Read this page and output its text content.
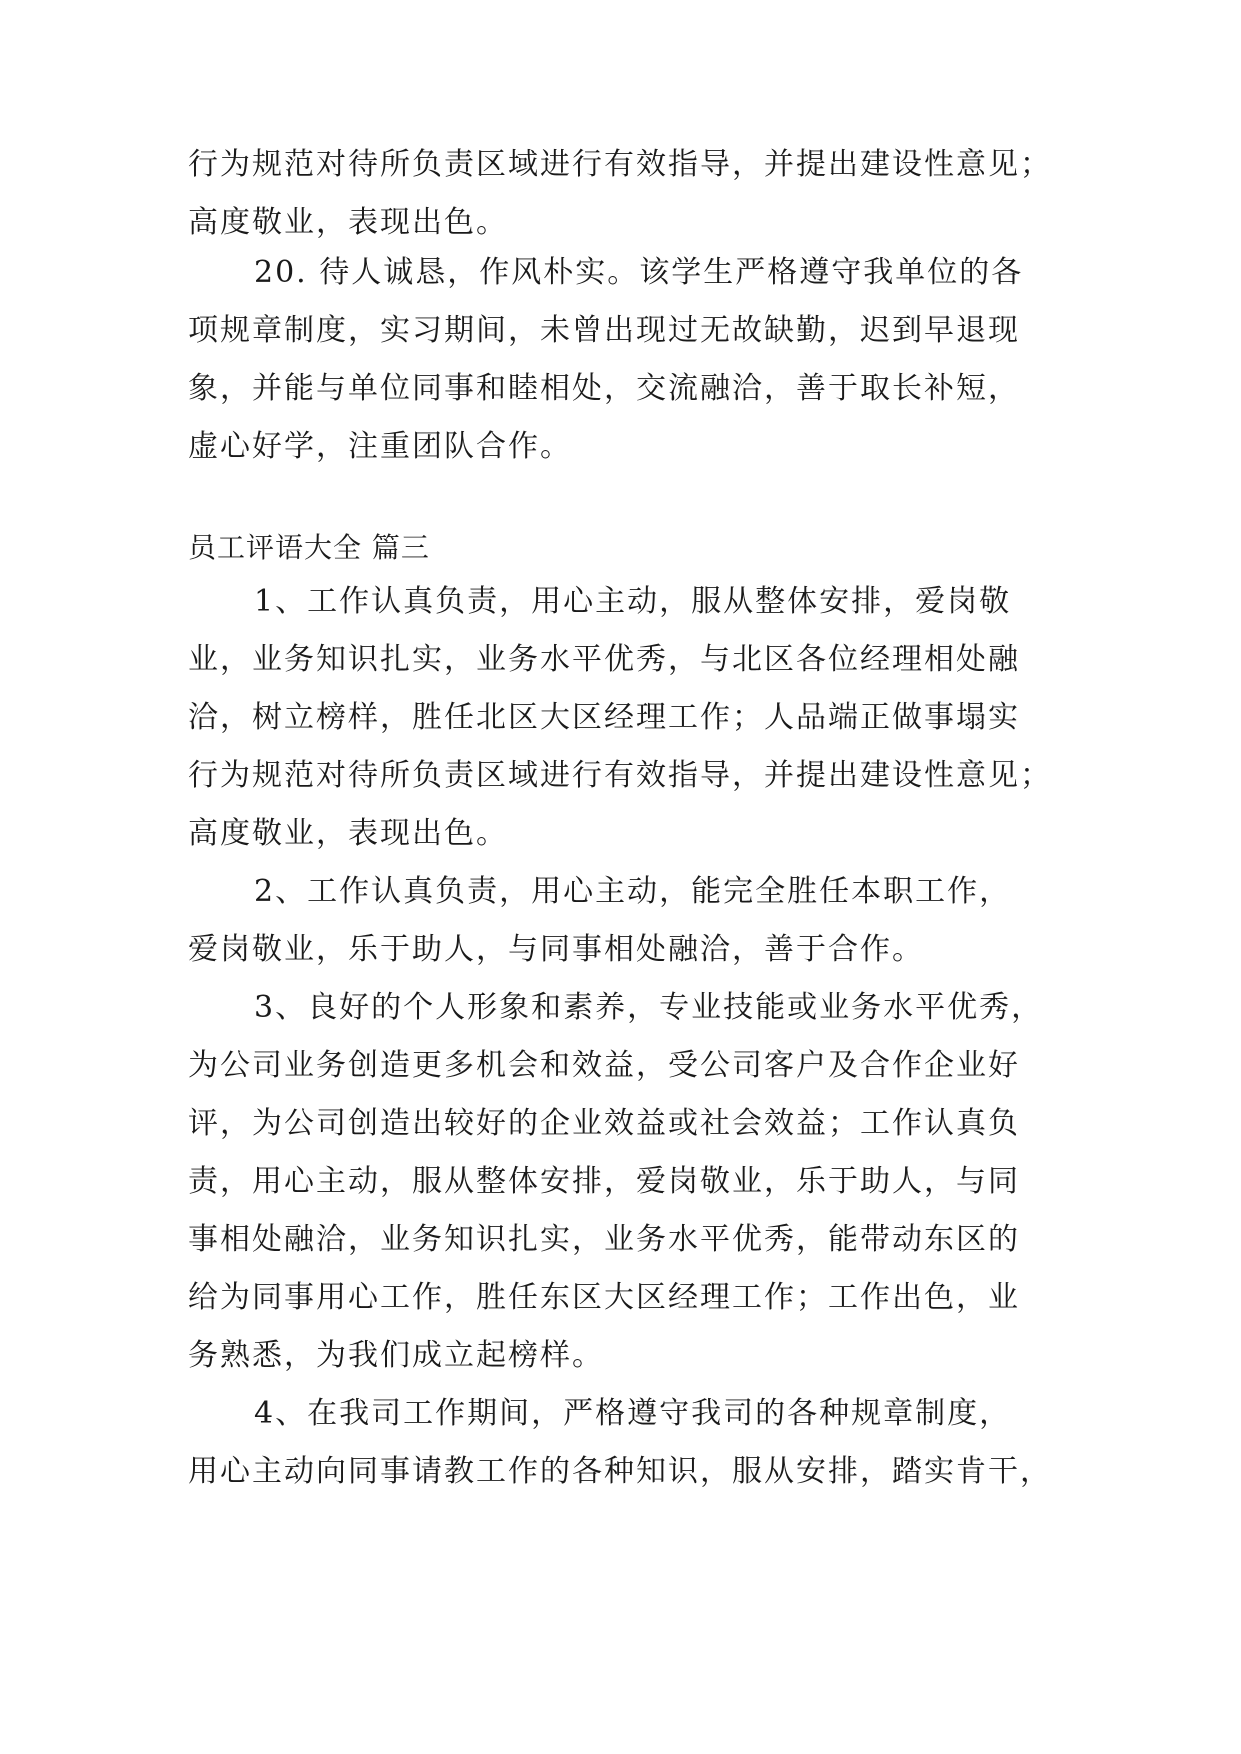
行为规范对待所负责区域进行有效指导，并提出建设性意见；
高度敬业，表现出色。
20. 待人诚恳，作风朴实。该学生严格遵守我单位的各
项规章制度，实习期间，未曾出现过无故缺勤，迟到早退现
象，并能与单位同事和睦相处，交流融洽，善于取长补短，
虚心好学，注重团队合作。
员工评语大全 篇三
1、工作认真负责，用心主动，服从整体安排，爱岗敬
业，业务知识扎实，业务水平优秀，与北区各位经理相处融
洽，树立榜样，胜任北区大区经理工作；人品端正做事塌实
行为规范对待所负责区域进行有效指导，并提出建设性意见；
高度敬业，表现出色。
2、工作认真负责，用心主动，能完全胜任本职工作，
爱岗敬业，乐于助人，与同事相处融洽，善于合作。
3、良好的个人形象和素养，专业技能或业务水平优秀，
为公司业务创造更多机会和效益，受公司客户及合作企业好
评，为公司创造出较好的企业效益或社会效益；工作认真负
责，用心主动，服从整体安排，爱岗敬业，乐于助人，与同
事相处融洽，业务知识扎实，业务水平优秀，能带动东区的
给为同事用心工作，胜任东区大区经理工作；工作出色，业
务熟悉，为我们成立起榜样。
4、在我司工作期间，严格遵守我司的各种规章制度，
用心主动向同事请教工作的各种知识，服从安排，踏实肯干，
